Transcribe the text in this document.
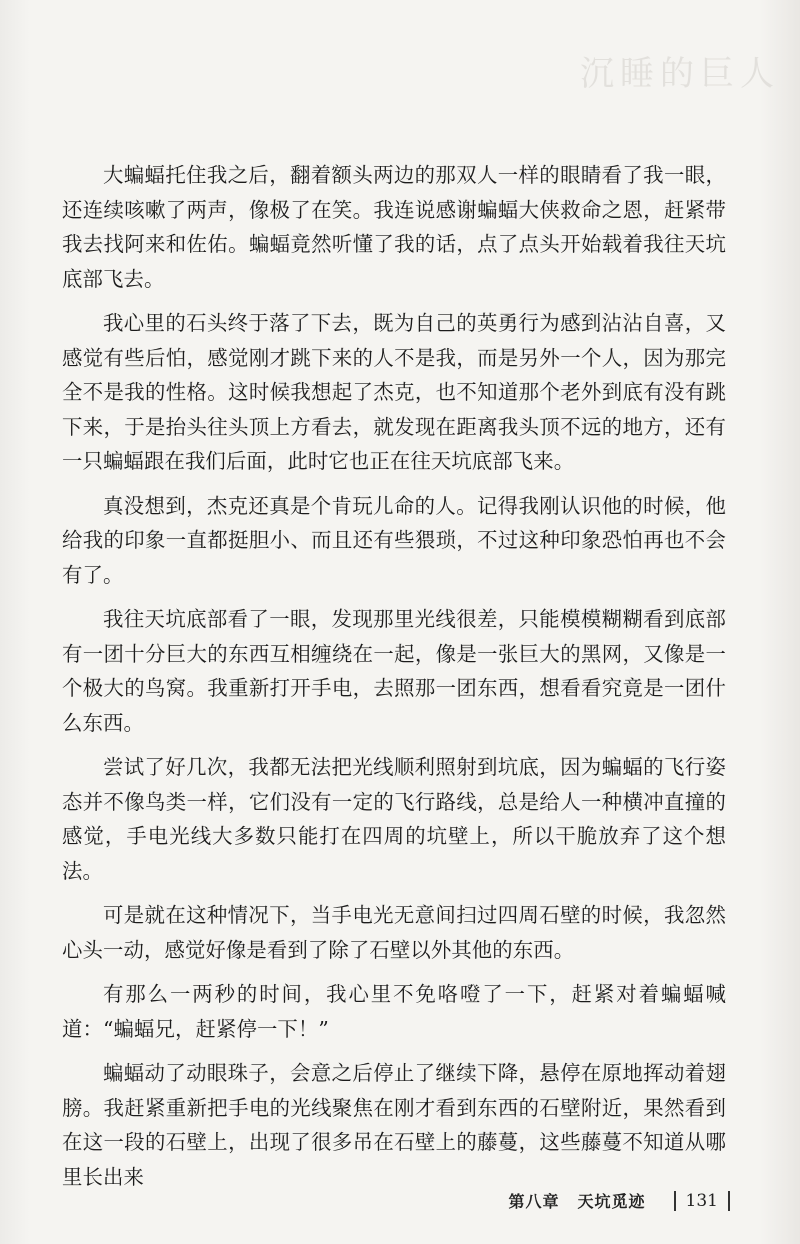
沉睡的巨人

大蝙蝠托住我之后，翻着额头两边的那双人一样的眼睛看了我一眼，还连续咳嗽了两声，像极了在笑。我连说感谢蝙蝠大侠救命之恩，赶紧带我去找阿来和佐佑。蝙蝠竟然听懂了我的话，点了点头开始载着我往天坑底部飞去。

我心里的石头终于落了下去，既为自己的英勇行为感到沾沾自喜，又感觉有些后怕，感觉刚才跳下来的人不是我，而是另外一个人，因为那完全不是我的性格。这时候我想起了杰克，也不知道那个老外到底有没有跳下来，于是抬头往头顶上方看去，就发现在距离我头顶不远的地方，还有一只蝙蝠跟在我们后面，此时它也正在往天坑底部飞来。

真没想到，杰克还真是个肯玩儿命的人。记得我刚认识他的时候，他给我的印象一直都挺胆小、而且还有些猥琐，不过这种印象恐怕再也不会有了。

我往天坑底部看了一眼，发现那里光线很差，只能模模糊糊看到底部有一团十分巨大的东西互相缠绕在一起，像是一张巨大的黑网，又像是一个极大的鸟窝。我重新打开手电，去照那一团东西，想看看究竟是一团什么东西。

尝试了好几次，我都无法把光线顺利照射到坑底，因为蝙蝠的飞行姿态并不像鸟类一样，它们没有一定的飞行路线，总是给人一种横冲直撞的感觉，手电光线大多数只能打在四周的坑壁上，所以干脆放弃了这个想法。

可是就在这种情况下，当手电光无意间扫过四周石壁的时候，我忽然心头一动，感觉好像是看到了除了石壁以外其他的东西。

有那么一两秒的时间，我心里不免咯噔了一下，赶紧对着蝙蝠喊道：“蝙蝠兄，赶紧停一下！”

蝙蝠动了动眼珠子，会意之后停止了继续下降，悬停在原地挥动着翅膀。我赶紧重新把手电的光线聚焦在刚才看到东西的石壁附近，果然看到在这一段的石壁上，出现了很多吊在石壁上的藤蔓，这些藤蔓不知道从哪里长出来

第八章 天坑觅迹 131
